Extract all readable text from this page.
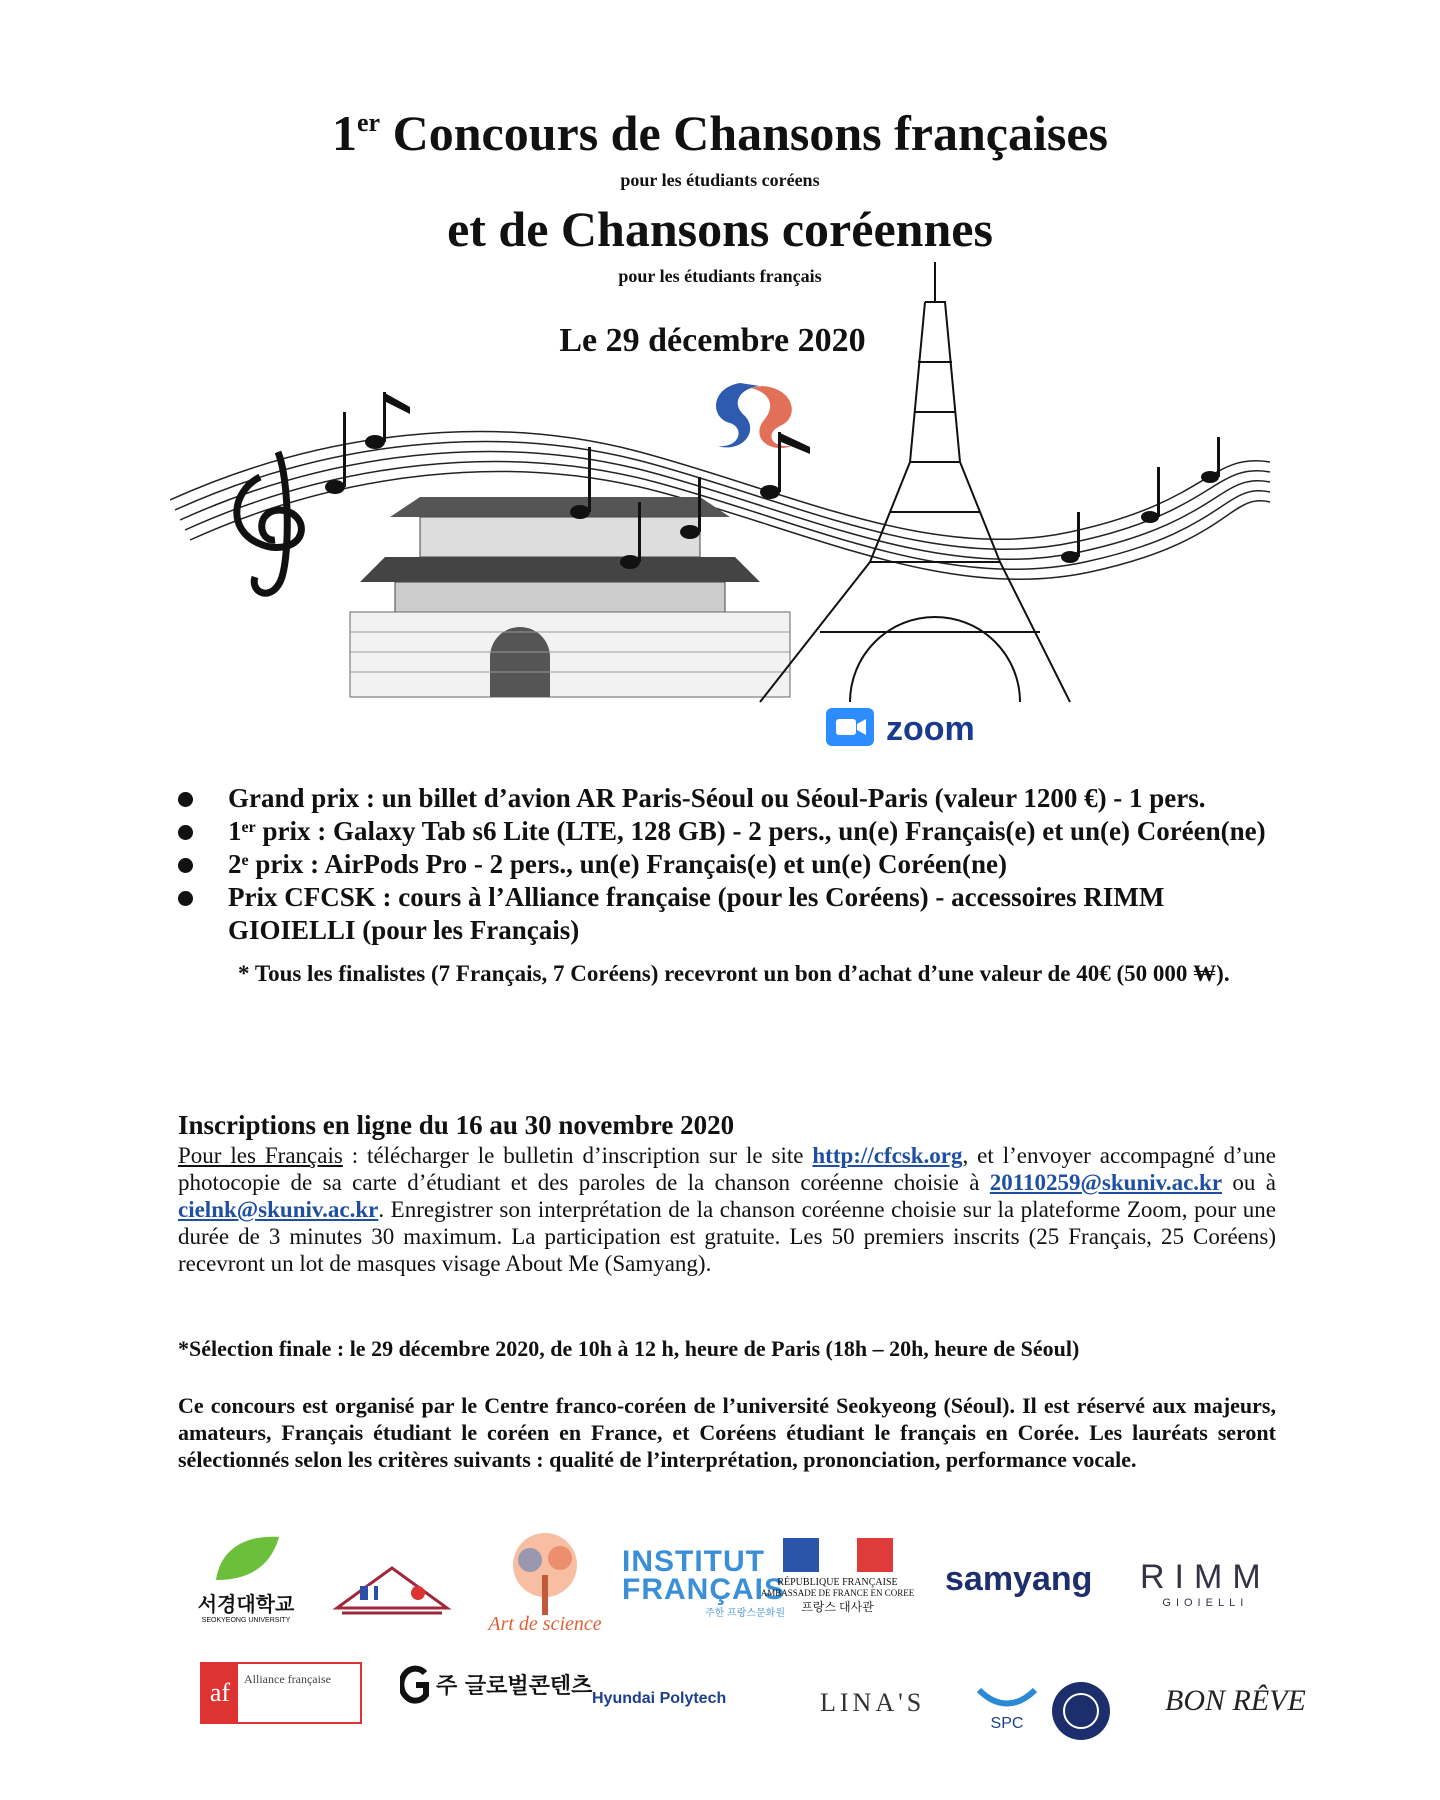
1er Concours de Chansons françaises
pour les étudiants coréens
et de Chansons coréennes
pour les étudiants français
Le 29 décembre 2020
zoom
Grand prix : un billet d’avion AR Paris-Séoul ou Séoul-Paris (valeur 1200 €) - 1 pers.
1er prix : Galaxy Tab s6 Lite (LTE, 128 GB) - 2 pers., un(e) Français(e) et un(e) Coréen(ne)
2e prix : AirPods Pro - 2 pers., un(e) Français(e) et un(e) Coréen(ne)
Prix CFCSK : cours à l’Alliance française (pour les Coréens) - accessoires RIMM GIOIELLI (pour les Français)
* Tous les finalistes (7 Français, 7 Coréens) recevront un bon d’achat d’une valeur de 40€ (50 000 ₩).
Inscriptions en ligne du 16 au 30 novembre 2020
Pour les Français : télécharger le bulletin d’inscription sur le site http://cfcsk.org, et l’envoyer accompagné d’une photocopie de sa carte d’étudiant et des paroles de la chanson coréenne choisie à 20110259@skuniv.ac.kr ou à cielnk@skuniv.ac.kr. Enregistrer son interprétation de la chanson coréenne choisie sur la plateforme Zoom, pour une durée de 3 minutes 30 maximum. La participation est gratuite. Les 50 premiers inscrits (25 Français, 25 Coréens) recevront un lot de masques visage About Me (Samyang).
*Sélection finale : le 29 décembre 2020, de 10h à 12 h, heure de Paris (18h – 20h, heure de Séoul)
Ce concours est organisé par le Centre franco-coréen de l’université Seokyeong (Séoul). Il est réservé aux majeurs, amateurs, Français étudiant le coréen en France, et Coréens étudiant le français en Corée. Les lauréats seront sélectionnés selon les critères suivants : qualité de l’interprétation, prononciation, performance vocale.
서경대학교
SEOKYEONG UNIVERSITY	Art de science
INSTITUT
FRANÇAIS
주한 프랑스문화원
RÉPUBLIQUE FRANÇAISE
AMBASSADE DE FRANCE EN COREE
프랑스 대사관
samyang RIMM
GIOIELLI
af	Alliance française	주 글로벌콘텐츠 Hyundai Polytech	LINA'S
SPC
BON RÊVE
